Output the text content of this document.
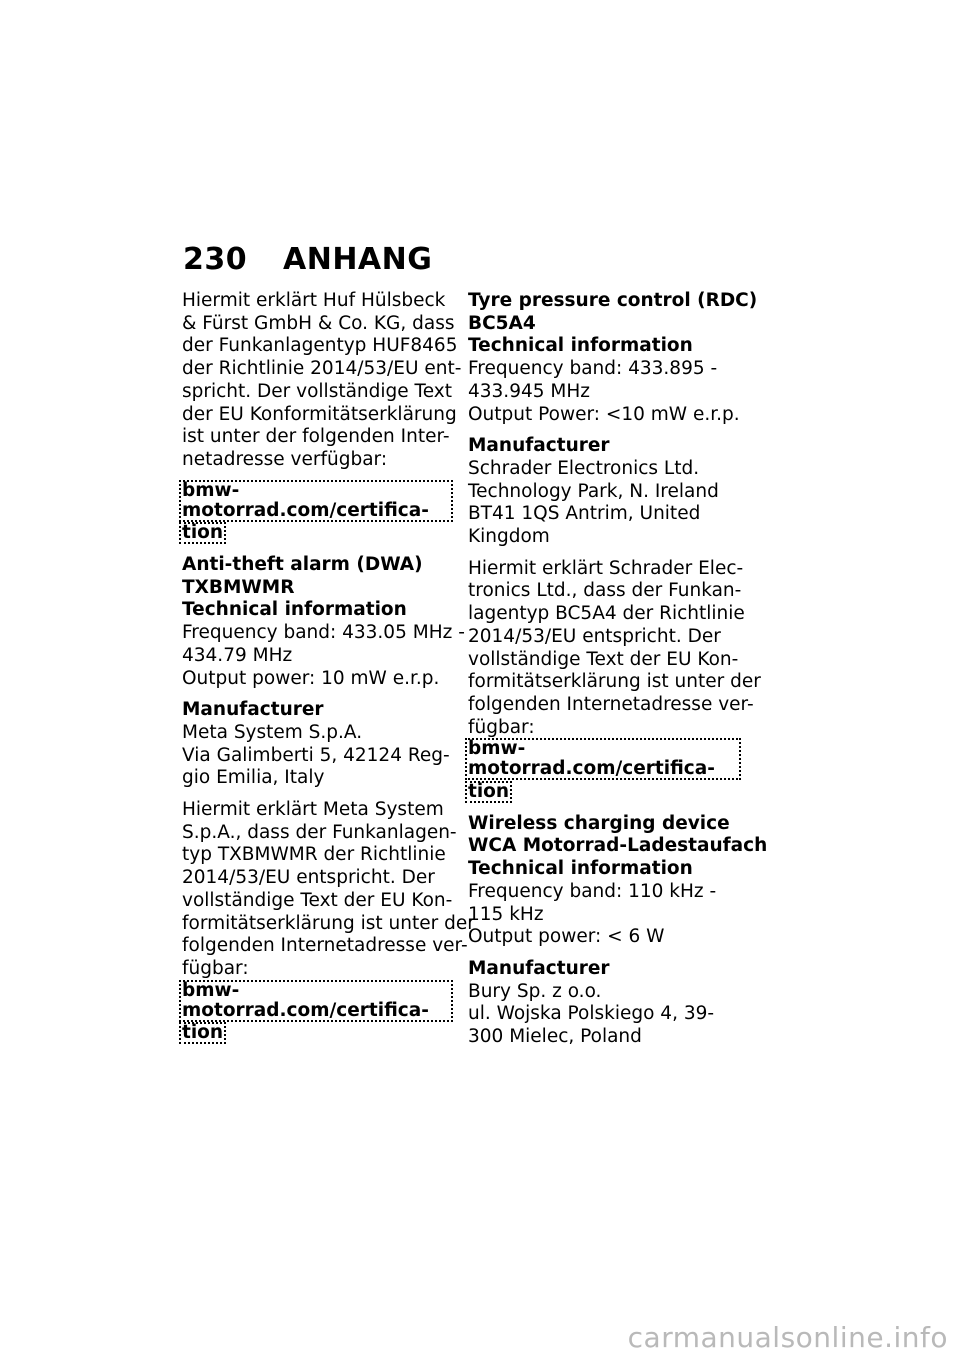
230 ANHANG
Hiermit erklärt Huf Hülsbeck
& Fürst GmbH & Co. KG, dass
der Funkanlagentyp HUF8465
der Richtlinie 2014/53/EU ent-
spricht. Der vollständige Text
der EU Konformitätserklärung
ist unter der folgenden Inter-
netadresse verfügbar:
bmw-motorrad.com/certifica-
tion
Anti-theft alarm (DWA)
TXBMWMR
Technical information
Frequency band: 433.05 MHz -
434.79 MHz
Output power: 10 mW e.r.p.
Manufacturer
Meta System S.p.A.
Via Galimberti 5, 42124 Reg-
gio Emilia, Italy
Hiermit erklärt Meta System
S.p.A., dass der Funkanlagen-
typ TXBMWMR der Richtlinie
2014/53/EU entspricht. Der
vollständige Text der EU Kon-
formitätserklärung ist unter der
folgenden Internetadresse ver-
fügbar:
bmw-motorrad.com/certifica-
tion
Tyre pressure control (RDC)
BC5A4
Technical information
Frequency band: 433.895 -
433.945 MHz
Output Power: <10 mW e.r.p.
Manufacturer
Schrader Electronics Ltd.
Technology Park, N. Ireland
BT41 1QS Antrim, United
Kingdom
Hiermit erklärt Schrader Elec-
tronics Ltd., dass der Funkan-
lagentyp BC5A4 der Richtlinie
2014/53/EU entspricht. Der
vollständige Text der EU Kon-
formitätserklärung ist unter der
folgenden Internetadresse ver-
fügbar:
bmw-motorrad.com/certifica-
tion
Wireless charging device
WCA Motorrad-Ladestaufach
Technical information
Frequency band: 110 kHz -
115 kHz
Output power: < 6 W
Manufacturer
Bury Sp. z o.o.
ul. Wojska Polskiego 4, 39-
300 Mielec, Poland
carmanualsonline.info
